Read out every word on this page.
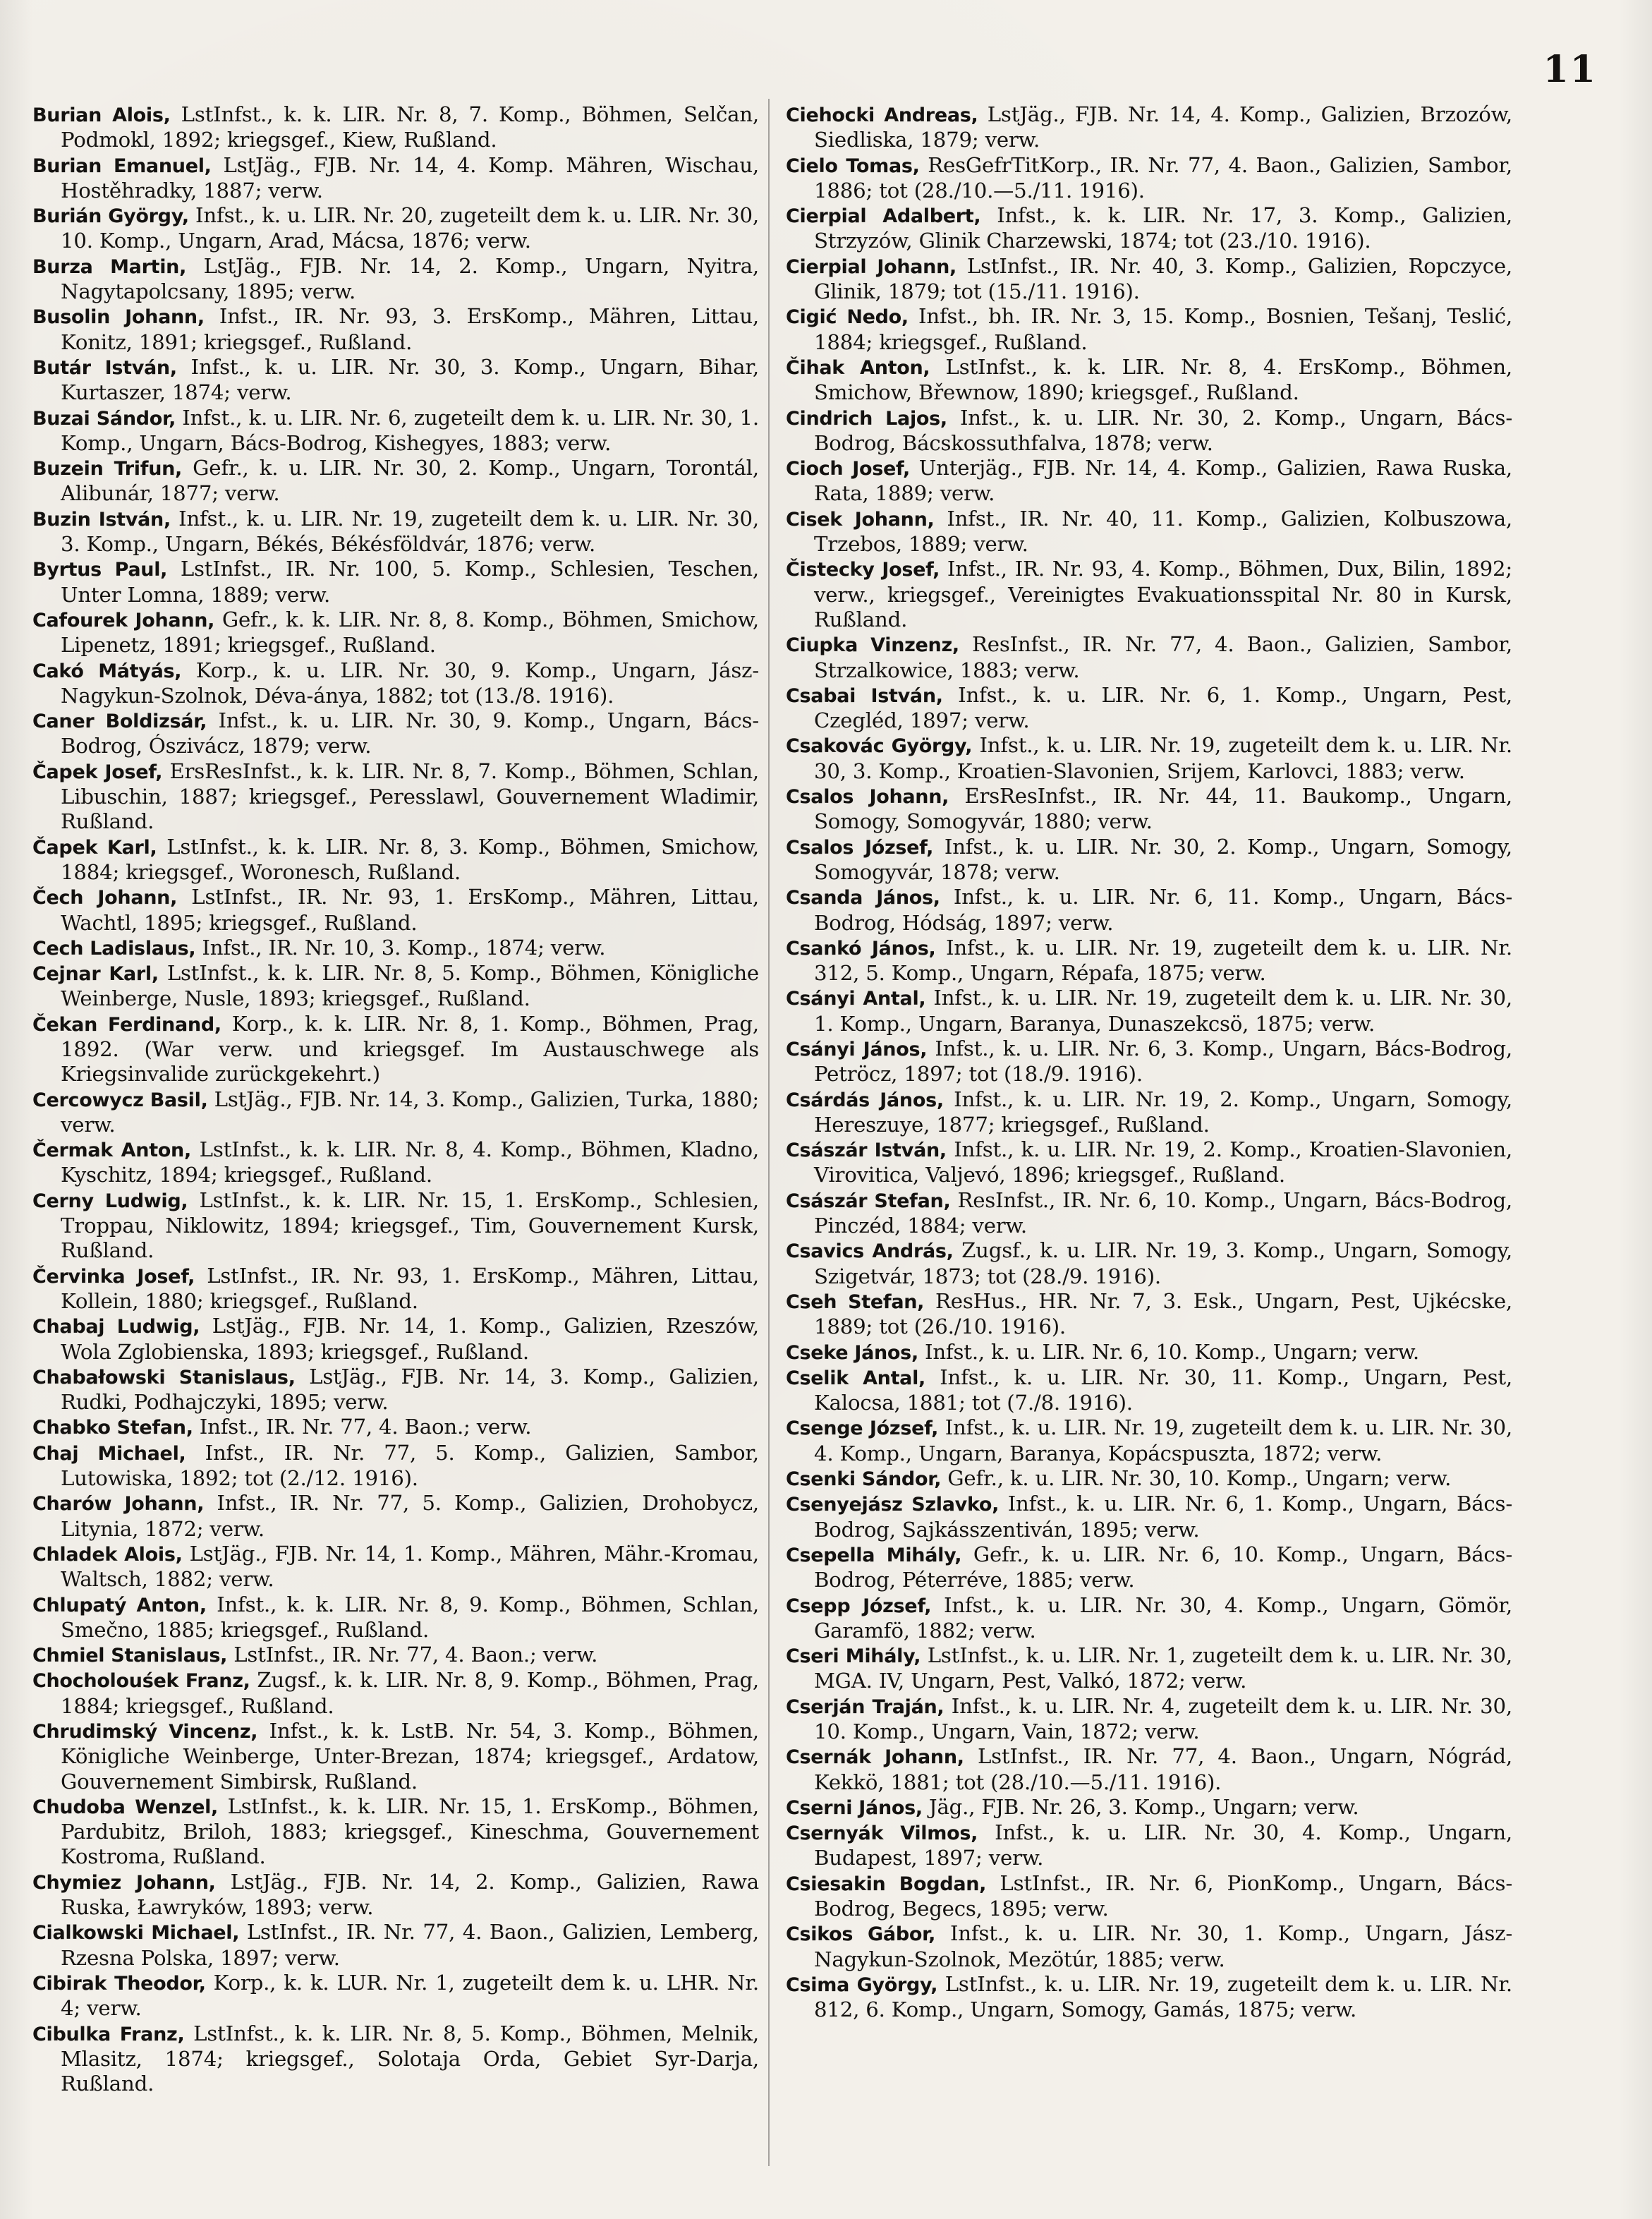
11

Burian Alois, LstInfst., k. k. LIR. Nr. 8, 7. Komp., Böhmen, Selčan, Podmokl, 1892; kriegsgef., Kiew, Rußland.

Burian Emanuel, LstJäg., FJB. Nr. 14, 4. Komp. Mähren, Wischau, Hostěhradky, 1887; verw.

Burián György, Infst., k. u. LIR. Nr. 20, zugeteilt dem k. u. LIR. Nr. 30, 10. Komp., Ungarn, Arad, Mácsa, 1876; verw.

Burza Martin, LstJäg., FJB. Nr. 14, 2. Komp., Ungarn, Nyitra, Nagytapolcsany, 1895; verw.

Busolin Johann, Infst., IR. Nr. 93, 3. ErsKomp., Mähren, Littau, Konitz, 1891; kriegsgef., Rußland.

Butár István, Infst., k. u. LIR. Nr. 30, 3. Komp., Ungarn, Bihar, Kurtaszer, 1874; verw.

Buzai Sándor, Infst., k. u. LIR. Nr. 6, zugeteilt dem k. u. LIR. Nr. 30, 1. Komp., Ungarn, Bács-Bodrog, Kishegyes, 1883; verw.

Buzein Trifun, Gefr., k. u. LIR. Nr. 30, 2. Komp., Ungarn, Torontál, Alibunár, 1877; verw.

Buzin István, Infst., k. u. LIR. Nr. 19, zugeteilt dem k. u. LIR. Nr. 30, 3. Komp., Ungarn, Békés, Békésföldvár, 1876; verw.

Byrtus Paul, LstInfst., IR. Nr. 100, 5. Komp., Schlesien, Teschen, Unter Lomna, 1889; verw.

Cafourek Johann, Gefr., k. k. LIR. Nr. 8, 8. Komp., Böhmen, Smichow, Lipenetz, 1891; kriegsgef., Rußland.

Cakó Mátyás, Korp., k. u. LIR. Nr. 30, 9. Komp., Ungarn, Jász-Nagykun-Szolnok, Déva-ánya, 1882; tot (13./8. 1916).

Caner Boldizsár, Infst., k. u. LIR. Nr. 30, 9. Komp., Ungarn, Bács-Bodrog, Ószivácz, 1879; verw.

Čapek Josef, ErsResInfst., k. k. LIR. Nr. 8, 7. Komp., Böhmen, Schlan, Libuschin, 1887; kriegsgef., Peresslawl, Gouvernement Wladimir, Rußland.

Čapek Karl, LstInfst., k. k. LIR. Nr. 8, 3. Komp., Böhmen, Smichow, 1884; kriegsgef., Woronesch, Rußland.

Čech Johann, LstInfst., IR. Nr. 93, 1. ErsKomp., Mähren, Littau, Wachtl, 1895; kriegsgef., Rußland.

Cech Ladislaus, Infst., IR. Nr. 10, 3. Komp., 1874; verw.

Cejnar Karl, LstInfst., k. k. LIR. Nr. 8, 5. Komp., Böhmen, Königliche Weinberge, Nusle, 1893; kriegsgef., Rußland.

Čekan Ferdinand, Korp., k. k. LIR. Nr. 8, 1. Komp., Böhmen, Prag, 1892. (War verw. und kriegsgef. Im Austauschwege als Kriegsinvalide zurückgekehrt.)

Cercowycz Basil, LstJäg., FJB. Nr. 14, 3. Komp., Galizien, Turka, 1880; verw.

Čermak Anton, LstInfst., k. k. LIR. Nr. 8, 4. Komp., Böhmen, Kladno, Kyschitz, 1894; kriegsgef., Rußland.

Cerny Ludwig, LstInfst., k. k. LIR. Nr. 15, 1. ErsKomp., Schlesien, Troppau, Niklowitz, 1894; kriegsgef., Tim, Gouvernement Kursk, Rußland.

Červinka Josef, LstInfst., IR. Nr. 93, 1. ErsKomp., Mähren, Littau, Kollein, 1880; kriegsgef., Rußland.

Chabaj Ludwig, LstJäg., FJB. Nr. 14, 1. Komp., Galizien, Rzeszów, Wola Zglobienska, 1893; kriegsgef., Rußland.

Chabałowski Stanislaus, LstJäg., FJB. Nr. 14, 3. Komp., Galizien, Rudki, Podhajczyki, 1895; verw.

Chabko Stefan, Infst., IR. Nr. 77, 4. Baon.; verw.

Chaj Michael, Infst., IR. Nr. 77, 5. Komp., Galizien, Sambor, Lutowiska, 1892; tot (2./12. 1916).

Charów Johann, Infst., IR. Nr. 77, 5. Komp., Galizien, Drohobycz, Litynia, 1872; verw.

Chladek Alois, LstJäg., FJB. Nr. 14, 1. Komp., Mähren, Mähr.-Kromau, Waltsch, 1882; verw.

Chlupatý Anton, Infst., k. k. LIR. Nr. 8, 9. Komp., Böhmen, Schlan, Smečno, 1885; kriegsgef., Rußland.

Chmiel Stanislaus, LstInfst., IR. Nr. 77, 4. Baon.; verw.

Chocholouśek Franz, Zugsf., k. k. LIR. Nr. 8, 9. Komp., Böhmen, Prag, 1884; kriegsgef., Rußland.

Chrudimský Vincenz, Infst., k. k. LstB. Nr. 54, 3. Komp., Böhmen, Königliche Weinberge, Unter-Brezan, 1874; kriegsgef., Ardatow, Gouvernement Simbirsk, Rußland.

Chudoba Wenzel, LstInfst., k. k. LIR. Nr. 15, 1. ErsKomp., Böhmen, Pardubitz, Briloh, 1883; kriegsgef., Kineschma, Gouvernement Kostroma, Rußland.

Chymiez Johann, LstJäg., FJB. Nr. 14, 2. Komp., Galizien, Rawa Ruska, Ławryków, 1893; verw.

Cialkowski Michael, LstInfst., IR. Nr. 77, 4. Baon., Galizien, Lemberg, Rzesna Polska, 1897; verw.

Cibirak Theodor, Korp., k. k. LUR. Nr. 1, zugeteilt dem k. u. LHR. Nr. 4; verw.

Cibulka Franz, LstInfst., k. k. LIR. Nr. 8, 5. Komp., Böhmen, Melnik, Mlasitz, 1874; kriegsgef., Solotaja Orda, Gebiet Syr-Darja, Rußland.

Ciehocki Andreas, LstJäg., FJB. Nr. 14, 4. Komp., Galizien, Brzozów, Siedliska, 1879; verw.

Cielo Tomas, ResGefrTitKorp., IR. Nr. 77, 4. Baon., Galizien, Sambor, 1886; tot (28./10.—5./11. 1916).

Cierpial Adalbert, Infst., k. k. LIR. Nr. 17, 3. Komp., Galizien, Strzyzów, Glinik Charzewski, 1874; tot (23./10. 1916).

Cierpial Johann, LstInfst., IR. Nr. 40, 3. Komp., Galizien, Ropczyce, Glinik, 1879; tot (15./11. 1916).

Cigić Nedo, Infst., bh. IR. Nr. 3, 15. Komp., Bosnien, Tešanj, Teslić, 1884; kriegsgef., Rußland.

Čihak Anton, LstInfst., k. k. LIR. Nr. 8, 4. ErsKomp., Böhmen, Smichow, Břewnow, 1890; kriegsgef., Rußland.

Cindrich Lajos, Infst., k. u. LIR. Nr. 30, 2. Komp., Ungarn, Bács-Bodrog, Bácskossuthfalva, 1878; verw.

Cioch Josef, Unterjäg., FJB. Nr. 14, 4. Komp., Galizien, Rawa Ruska, Rata, 1889; verw.

Cisek Johann, Infst., IR. Nr. 40, 11. Komp., Galizien, Kolbuszowa, Trzebos, 1889; verw.

Čistecky Josef, Infst., IR. Nr. 93, 4. Komp., Böhmen, Dux, Bilin, 1892; verw., kriegsgef., Vereinigtes Evakuationsspital Nr. 80 in Kursk, Rußland.

Ciupka Vinzenz, ResInfst., IR. Nr. 77, 4. Baon., Galizien, Sambor, Strzalkowice, 1883; verw.

Csabai István, Infst., k. u. LIR. Nr. 6, 1. Komp., Ungarn, Pest, Czegléd, 1897; verw.

Csakovác György, Infst., k. u. LIR. Nr. 19, zugeteilt dem k. u. LIR. Nr. 30, 3. Komp., Kroatien-Slavonien, Srijem, Karlovci, 1883; verw.

Csalos Johann, ErsResInfst., IR. Nr. 44, 11. Baukomp., Ungarn, Somogy, Somogyvár, 1880; verw.

Csalos József, Infst., k. u. LIR. Nr. 30, 2. Komp., Ungarn, Somogy, Somogyvár, 1878; verw.

Csanda János, Infst., k. u. LIR. Nr. 6, 11. Komp., Ungarn, Bács-Bodrog, Hódság, 1897; verw.

Csankó János, Infst., k. u. LIR. Nr. 19, zugeteilt dem k. u. LIR. Nr. 312, 5. Komp., Ungarn, Répafa, 1875; verw.

Csányi Antal, Infst., k. u. LIR. Nr. 19, zugeteilt dem k. u. LIR. Nr. 30, 1. Komp., Ungarn, Baranya, Dunaszekcsö, 1875; verw.

Csányi János, Infst., k. u. LIR. Nr. 6, 3. Komp., Ungarn, Bács-Bodrog, Petröcz, 1897; tot (18./9. 1916).

Csárdás János, Infst., k. u. LIR. Nr. 19, 2. Komp., Ungarn, Somogy, Hereszuye, 1877; kriegsgef., Rußland.

Császár István, Infst., k. u. LIR. Nr. 19, 2. Komp., Kroatien-Slavonien, Virovitica, Valjevó, 1896; kriegsgef., Rußland.

Császár Stefan, ResInfst., IR. Nr. 6, 10. Komp., Ungarn, Bács-Bodrog, Pinczéd, 1884; verw.

Csavics András, Zugsf., k. u. LIR. Nr. 19, 3. Komp., Ungarn, Somogy, Szigetvár, 1873; tot (28./9. 1916).

Cseh Stefan, ResHus., HR. Nr. 7, 3. Esk., Ungarn, Pest, Ujkécske, 1889; tot (26./10. 1916).

Cseke János, Infst., k. u. LIR. Nr. 6, 10. Komp., Ungarn; verw.

Cselik Antal, Infst., k. u. LIR. Nr. 30, 11. Komp., Ungarn, Pest, Kalocsa, 1881; tot (7./8. 1916).

Csenge József, Infst., k. u. LIR. Nr. 19, zugeteilt dem k. u. LIR. Nr. 30, 4. Komp., Ungarn, Baranya, Kopácspuszta, 1872; verw.

Csenki Sándor, Gefr., k. u. LIR. Nr. 30, 10. Komp., Ungarn; verw.

Csenyejász Szlavko, Infst., k. u. LIR. Nr. 6, 1. Komp., Ungarn, Bács-Bodrog, Sajkásszentiván, 1895; verw.

Csepella Mihály, Gefr., k. u. LIR. Nr. 6, 10. Komp., Ungarn, Bács-Bodrog, Péterréve, 1885; verw.

Csepp József, Infst., k. u. LIR. Nr. 30, 4. Komp., Ungarn, Gömör, Garamfö, 1882; verw.

Cseri Mihály, LstInfst., k. u. LIR. Nr. 1, zugeteilt dem k. u. LIR. Nr. 30, MGA. IV, Ungarn, Pest, Valkó, 1872; verw.

Cserján Traján, Infst., k. u. LIR. Nr. 4, zugeteilt dem k. u. LIR. Nr. 30, 10. Komp., Ungarn, Vain, 1872; verw.

Csernák Johann, LstInfst., IR. Nr. 77, 4. Baon., Ungarn, Nógrád, Kekkö, 1881; tot (28./10.—5./11. 1916).

Cserni János, Jäg., FJB. Nr. 26, 3. Komp., Ungarn; verw.

Csernyák Vilmos, Infst., k. u. LIR. Nr. 30, 4. Komp., Ungarn, Budapest, 1897; verw.

Csiesakin Bogdan, LstInfst., IR. Nr. 6, PionKomp., Ungarn, Bács-Bodrog, Begecs, 1895; verw.

Csikos Gábor, Infst., k. u. LIR. Nr. 30, 1. Komp., Ungarn, Jász-Nagykun-Szolnok, Mezötúr, 1885; verw.

Csima György, LstInfst., k. u. LIR. Nr. 19, zugeteilt dem k. u. LIR. Nr. 812, 6. Komp., Ungarn, Somogy, Gamás, 1875; verw.
